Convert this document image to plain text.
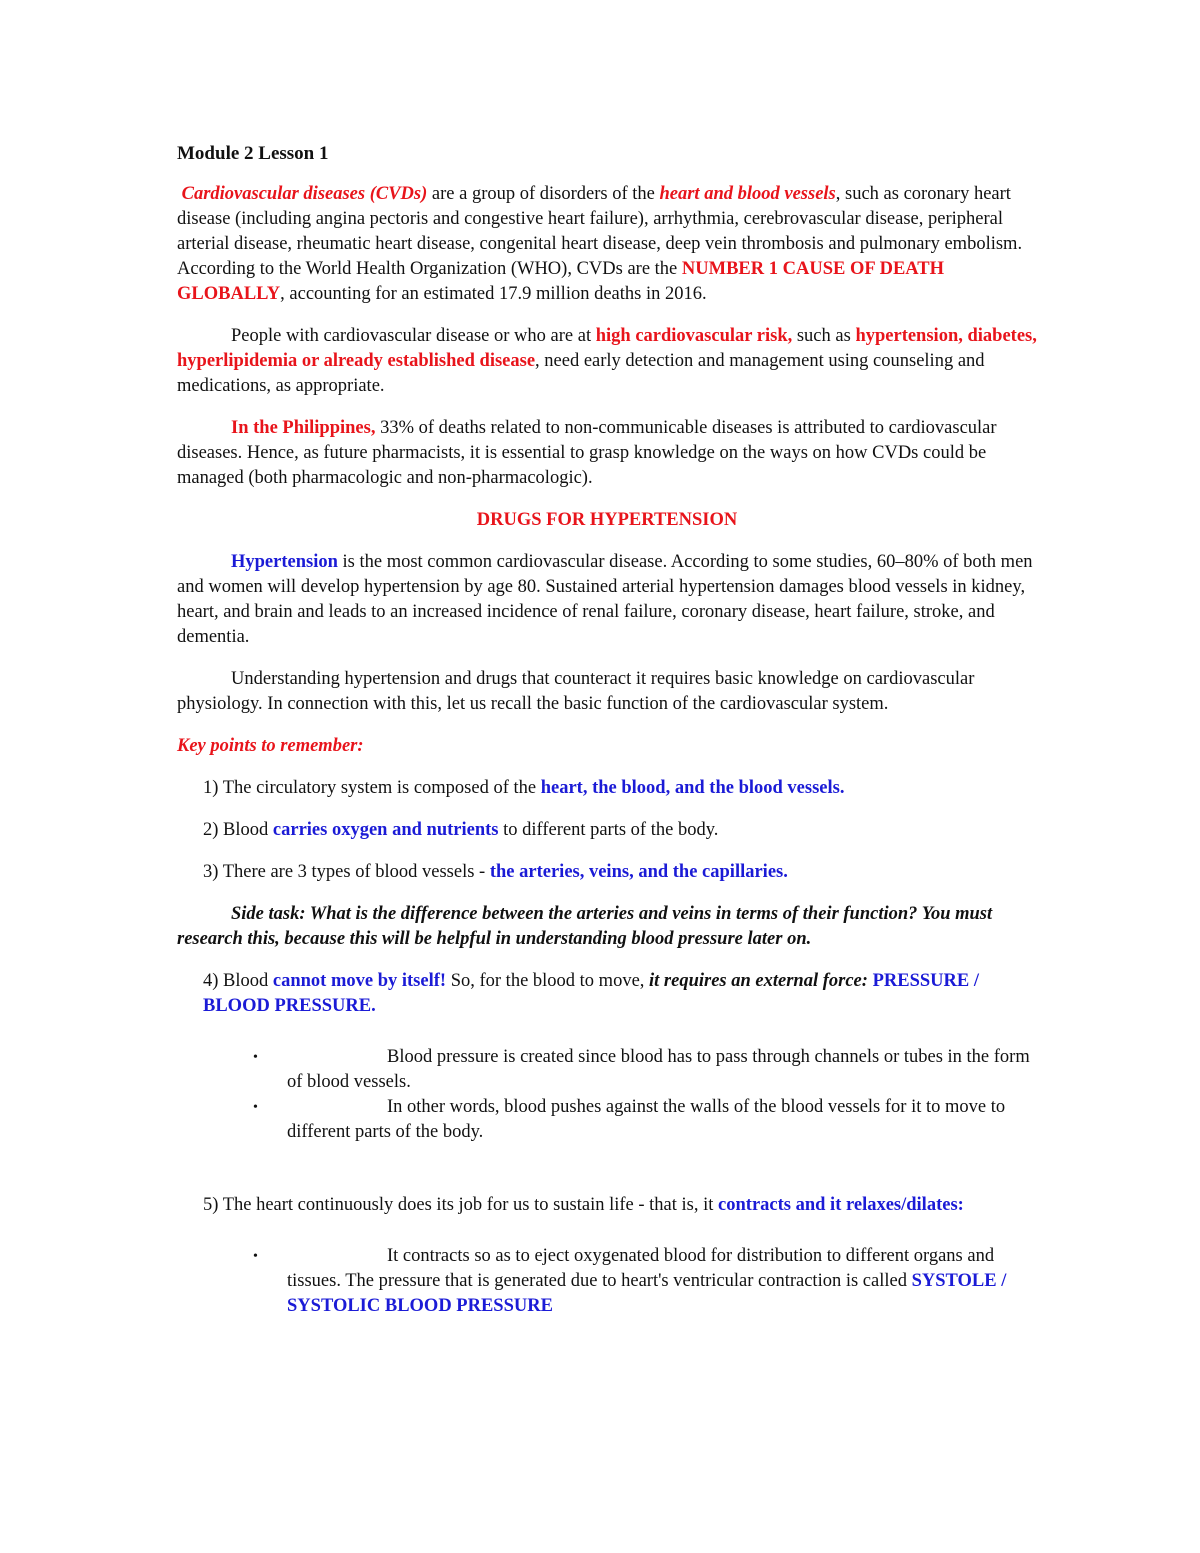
Module 2 Lesson 1

Cardiovascular diseases (CVDs) are a group of disorders of the heart and blood vessels, such as coronary heart disease (including angina pectoris and congestive heart failure), arrhythmia, cerebrovascular disease, peripheral arterial disease, rheumatic heart disease, congenital heart disease, deep vein thrombosis and pulmonary embolism. According to the World Health Organization (WHO), CVDs are the NUMBER 1 CAUSE OF DEATH GLOBALLY, accounting for an estimated 17.9 million deaths in 2016.

People with cardiovascular disease or who are at high cardiovascular risk, such as hypertension, diabetes, hyperlipidemia or already established disease, need early detection and management using counseling and medications, as appropriate.

In the Philippines, 33% of deaths related to non-communicable diseases is attributed to cardiovascular diseases. Hence, as future pharmacists, it is essential to grasp knowledge on the ways on how CVDs could be managed (both pharmacologic and non-pharmacologic).

DRUGS FOR HYPERTENSION

Hypertension is the most common cardiovascular disease. According to some studies, 60–80% of both men and women will develop hypertension by age 80. Sustained arterial hypertension damages blood vessels in kidney, heart, and brain and leads to an increased incidence of renal failure, coronary disease, heart failure, stroke, and dementia.

Understanding hypertension and drugs that counteract it requires basic knowledge on cardiovascular physiology. In connection with this, let us recall the basic function of the cardiovascular system.

Key points to remember:

1) The circulatory system is composed of the heart, the blood, and the blood vessels.

2) Blood carries oxygen and nutrients to different parts of the body.

3) There are 3 types of blood vessels - the arteries, veins, and the capillaries.

Side task: What is the difference between the arteries and veins in terms of their function? You must research this, because this will be helpful in understanding blood pressure later on.

4) Blood cannot move by itself! So, for the blood to move, it requires an external force: PRESSURE / BLOOD PRESSURE.

•	Blood pressure is created since blood has to pass through channels or tubes in the form of blood vessels.
•	In other words, blood pushes against the walls of the blood vessels for it to move to different parts of the body.

5) The heart continuously does its job for us to sustain life - that is, it contracts and it relaxes/dilates:

•	It contracts so as to eject oxygenated blood for distribution to different organs and tissues. The pressure that is generated due to heart's ventricular contraction is called SYSTOLE / SYSTOLIC BLOOD PRESSURE
